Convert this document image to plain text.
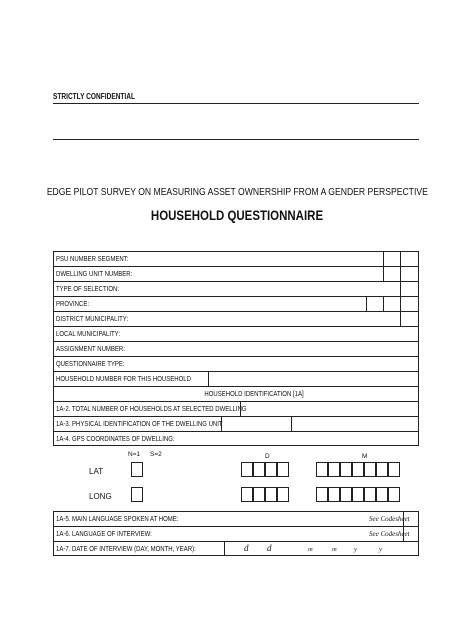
STRICTLY CONFIDENTIAL
EDGE PILOT SURVEY ON MEASURING ASSET OWNERSHIP FROM A GENDER PERSPECTIVE
HOUSEHOLD QUESTIONNAIRE
PSU NUMBER SEGMENT:
DWELLING UNIT NUMBER:
TYPE OF SELECTION:
PROVINCE:
DISTRICT MUNICIPALITY:
LOCAL MUNICIPALITY:
ASSIGNMENT NUMBER:
QUESTIONNAIRE TYPE:
HOUSEHOLD NUMBER FOR THIS HOUSEHOLD
HOUSEHOLD IDENTIFICATION [1A]
1A-2. TOTAL NUMBER OF HOUSEHOLDS AT SELECTED DWELLING
1A-3. PHYSICAL IDENTIFICATION OF THE DWELLING UNIT
1A-4. GPS COORDINATES OF DWELLING:
N=1 S=2	D	M
LAT
LONG
1A-5. MAIN LANGUAGE SPOKEN AT HOME:	See Codesheet
1A-6. LANGUAGE OF INTERVIEW:	See Codesheet
1A-7. DATE OF INTERVIEW (DAY, MONTH, YEAR):	d d	m	m	y	y
